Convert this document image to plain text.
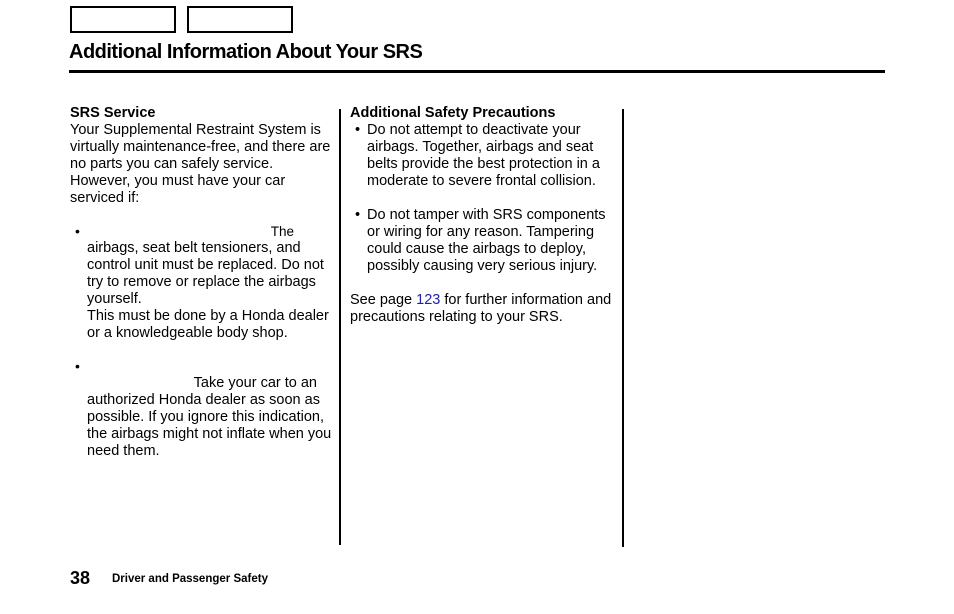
Additional Information About Your SRS

SRS Service

Your Supplemental Restraint System is virtually maintenance-free, and there are no parts you can safely service. However, you must have your car serviced if:

•	The
airbags, seat belt tensioners, and control unit must be replaced. Do not try to remove or replace the airbags yourself.
This must be done by a Honda dealer or a knowledgeable body shop.
•
Take your car to an
authorized Honda dealer as soon as possible. If you ignore this indication, the airbags might not inflate when you need them.

Additional Safety Precautions

• Do not attempt to deactivate your airbags. Together, airbags and seat belts provide the best protection in a moderate to severe frontal collision.
• Do not tamper with SRS components or wiring for any reason. Tampering could cause the airbags to deploy, possibly causing very serious injury.

See page 123 for further information and precautions relating to your SRS.

38 Driver and Passenger Safety
